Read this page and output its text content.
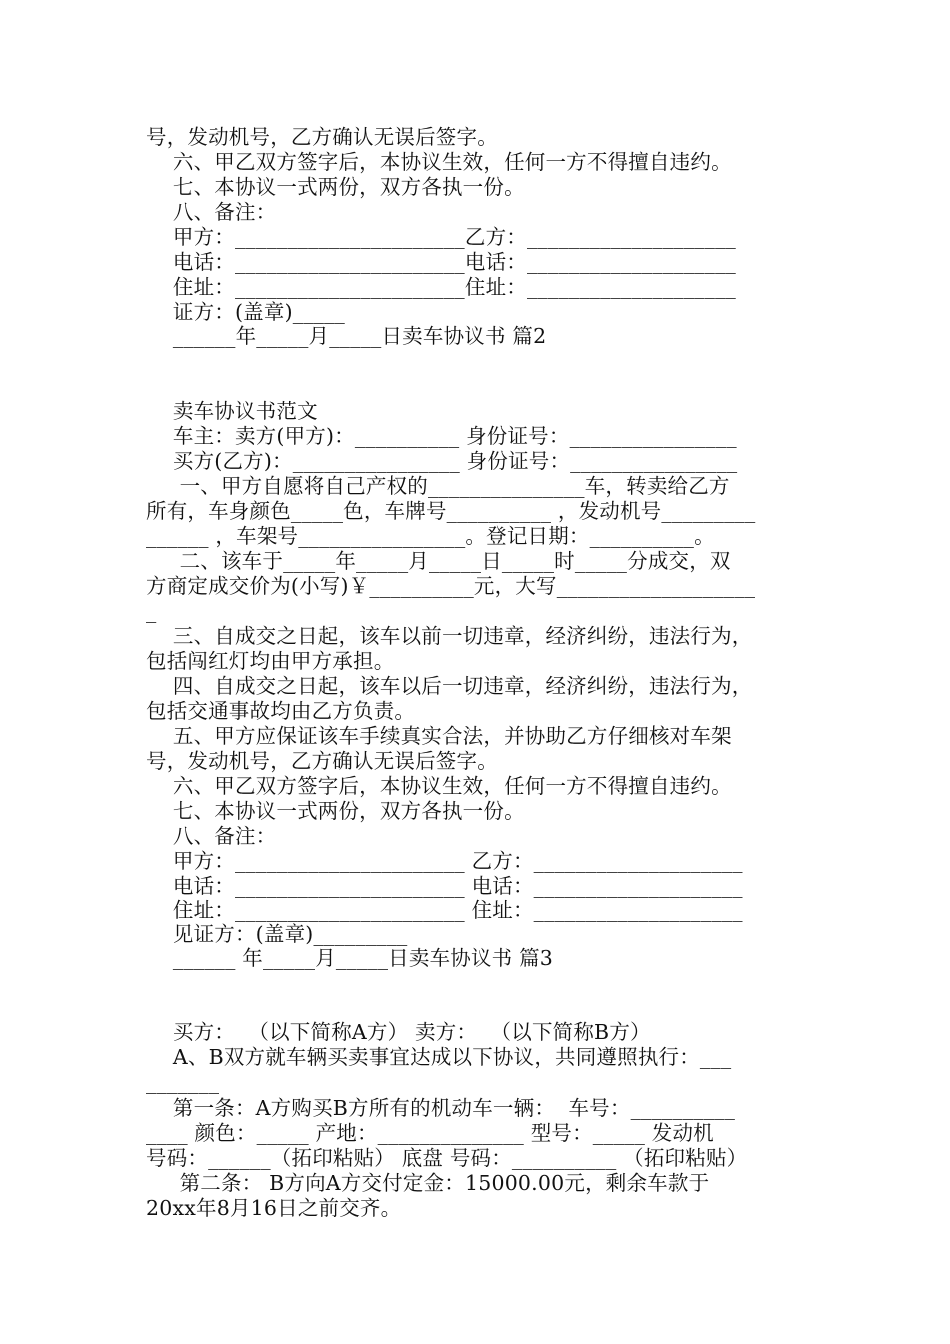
号，发动机号，乙方确认无误后签字。
六、甲乙双方签字后，本协议生效，任何一方不得擅自违约。
七、本协议一式两份，双方各执一份。
八、备注：
甲方：______________________乙方：____________________
电话：______________________电话：____________________
住址：______________________住址：____________________
证方：(盖章)_____
______年_____月_____日卖车协议书 篇2
卖车协议书范文
车主：卖方(甲方)：__________ 身份证号：________________
买方(乙方)：________________ 身份证号：________________
一、甲方自愿将自己产权的_______________车，转卖给乙方
所有，车身颜色_____色，车牌号__________ ，发动机号_________
______ ，车架号________________。登记日期：__________。
二、该车于_____年_____月_____日_____时_____分成交，双
方商定成交价为(小写)￥__________元，大写___________________
_
三、自成交之日起，该车以前一切违章，经济纠纷，违法行为，
包括闯红灯均由甲方承担。
四、自成交之日起，该车以后一切违章，经济纠纷，违法行为，
包括交通事故均由乙方负责。
五、甲方应保证该车手续真实合法，并协助乙方仔细核对车架
号，发动机号，乙方确认无误后签字。
六、甲乙双方签字后，本协议生效，任何一方不得擅自违约。
七、本协议一式两份，双方各执一份。
八、备注：
甲方：______________________ 乙方：____________________
电话：______________________ 电话：____________________
住址：______________________ 住址：____________________
见证方：(盖章)_________
______ 年_____月_____日卖车协议书 篇3
买方：  （以下简称A方） 卖方：  （以下简称B方）
A、B双方就车辆买卖事宜达成以下协议，共同遵照执行：___
_______
第一条：A方购买B方所有的机动车一辆：  车号：__________
____ 颜色：_____ 产地：______________ 型号：_____ 发动机
号码：______（拓印粘贴） 底盘 号码：__________ （拓印粘贴）
第二条： B方向A方交付定金：15000.00元，剩余车款于
20xx年8月16日之前交齐。
